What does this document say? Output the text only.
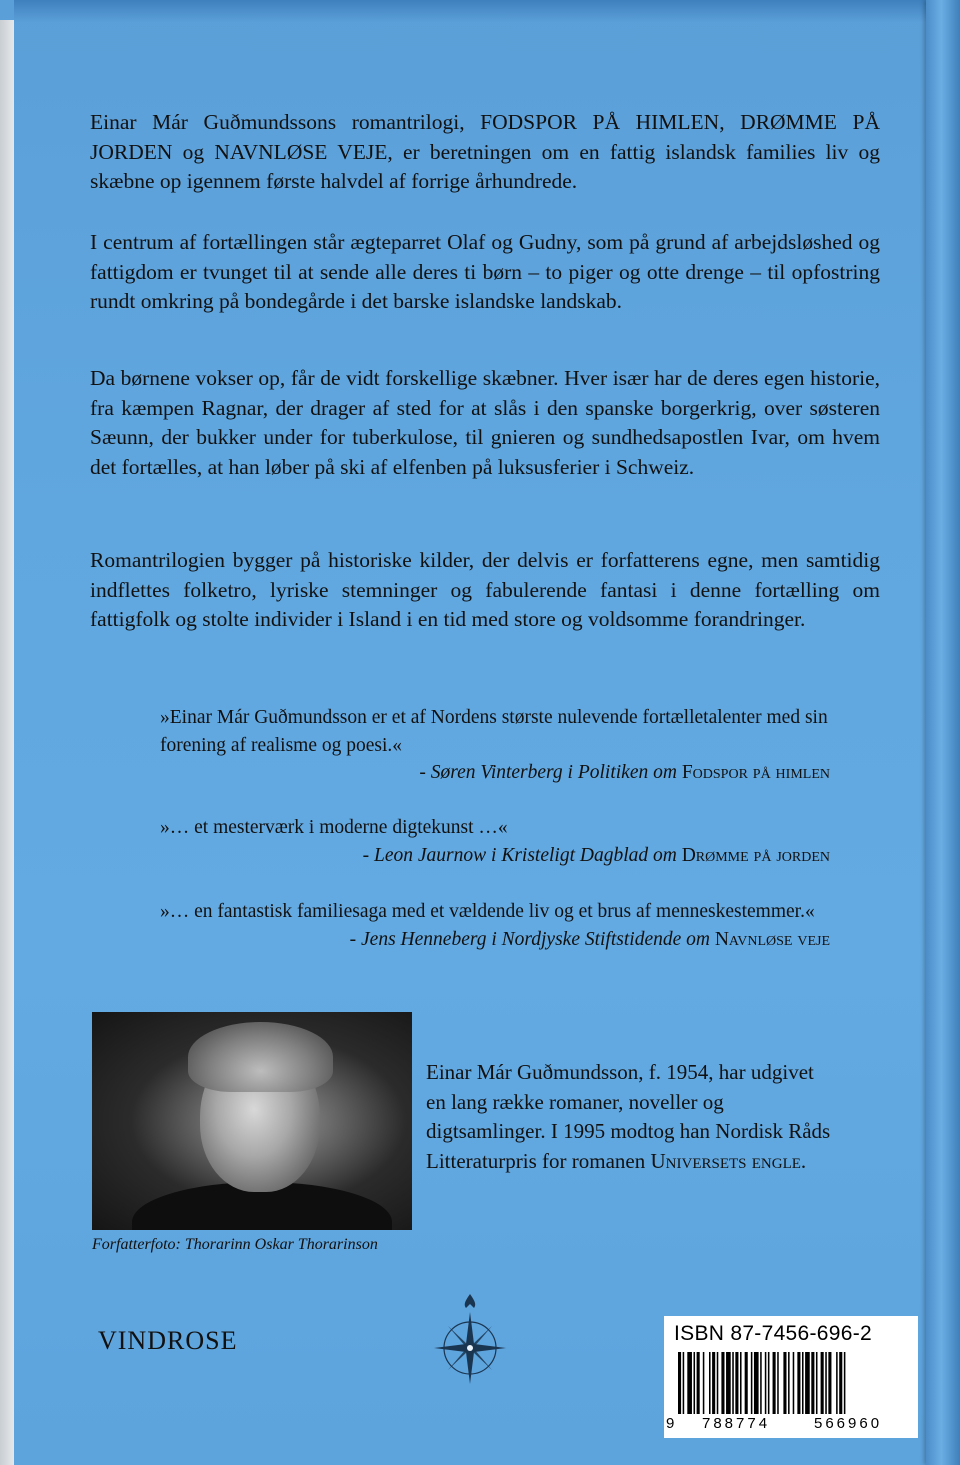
Einar Már Guðmundssons romantrilogi, FODSPOR PÅ HIMLEN, DRØMME PÅ JORDEN og NAVNLØSE VEJE, er beretningen om en fattig islandsk families liv og skæbne op igennem første halvdel af forrige århundrede.

I centrum af fortællingen står ægteparret Olaf og Gudny, som på grund af arbejdsløshed og fattigdom er tvunget til at sende alle deres ti børn – to piger og otte drenge – til opfostring rundt omkring på bondegårde i det barske islandske landskab.

Da børnene vokser op, får de vidt forskellige skæbner. Hver især har de deres egen historie, fra kæmpen Ragnar, der drager af sted for at slås i den spanske borgerkrig, over søsteren Sæunn, der bukker under for tuberkulose, til gnieren og sundhedsapostlen Ivar, om hvem det fortælles, at han løber på ski af elfenben på luksusferier i Schweiz.

Romantrilogien bygger på historiske kilder, der delvis er forfatterens egne, men samtidig indflettes folketro, lyriske stemninger og fabulerende fantasi i denne fortælling om fattigfolk og stolte individer i Island i en tid med store og voldsomme forandringer.

»Einar Már Guðmundsson er et af Nordens største nulevende fortælletalenter med sin forening af realisme og poesi.«
- Søren Vinterberg i Politiken om Fodspor på himlen
»… et mesterværk i moderne digtekunst …«
- Leon Jaurnow i Kristeligt Dagblad om Drømme på jorden
»… en fantastisk familiesaga med et vældende liv og et brus af menneskestemmer.«
- Jens Henneberg i Nordjyske Stiftstidende om Navnløse veje
Forfatterfoto: Thorarinn Oskar Thorarinson
Einar Már Guðmundsson, f. 1954, har udgivet en lang række romaner, noveller og digtsamlinger. I 1995 modtog han Nordisk Råds Litteraturpris for romanen Universets engle.
VINDROSE	ISBN 87-7456-696-2
9 788774	566960
